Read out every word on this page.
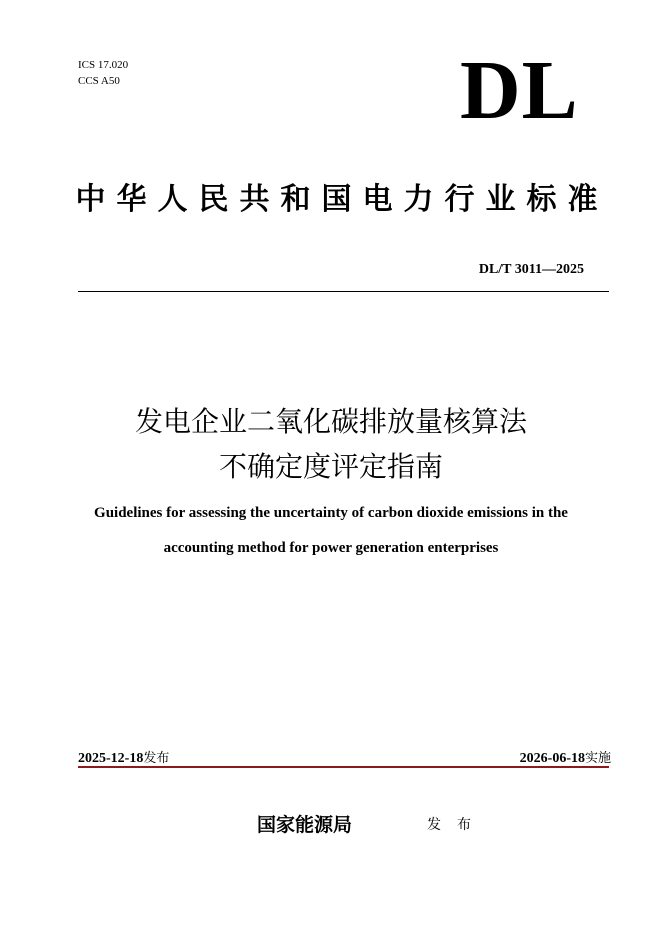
ICS 17.020
CCS A50	DL
中华人民共和国电力行业标准
DL/T 3011—2025
发电企业二氧化碳排放量核算法
不确定度评定指南
Guidelines for assessing the uncertainty of carbon dioxide emissions in the
accounting method for power generation enterprises
2025-12-18发布	2026-06-18实施
国家能源局	发布
